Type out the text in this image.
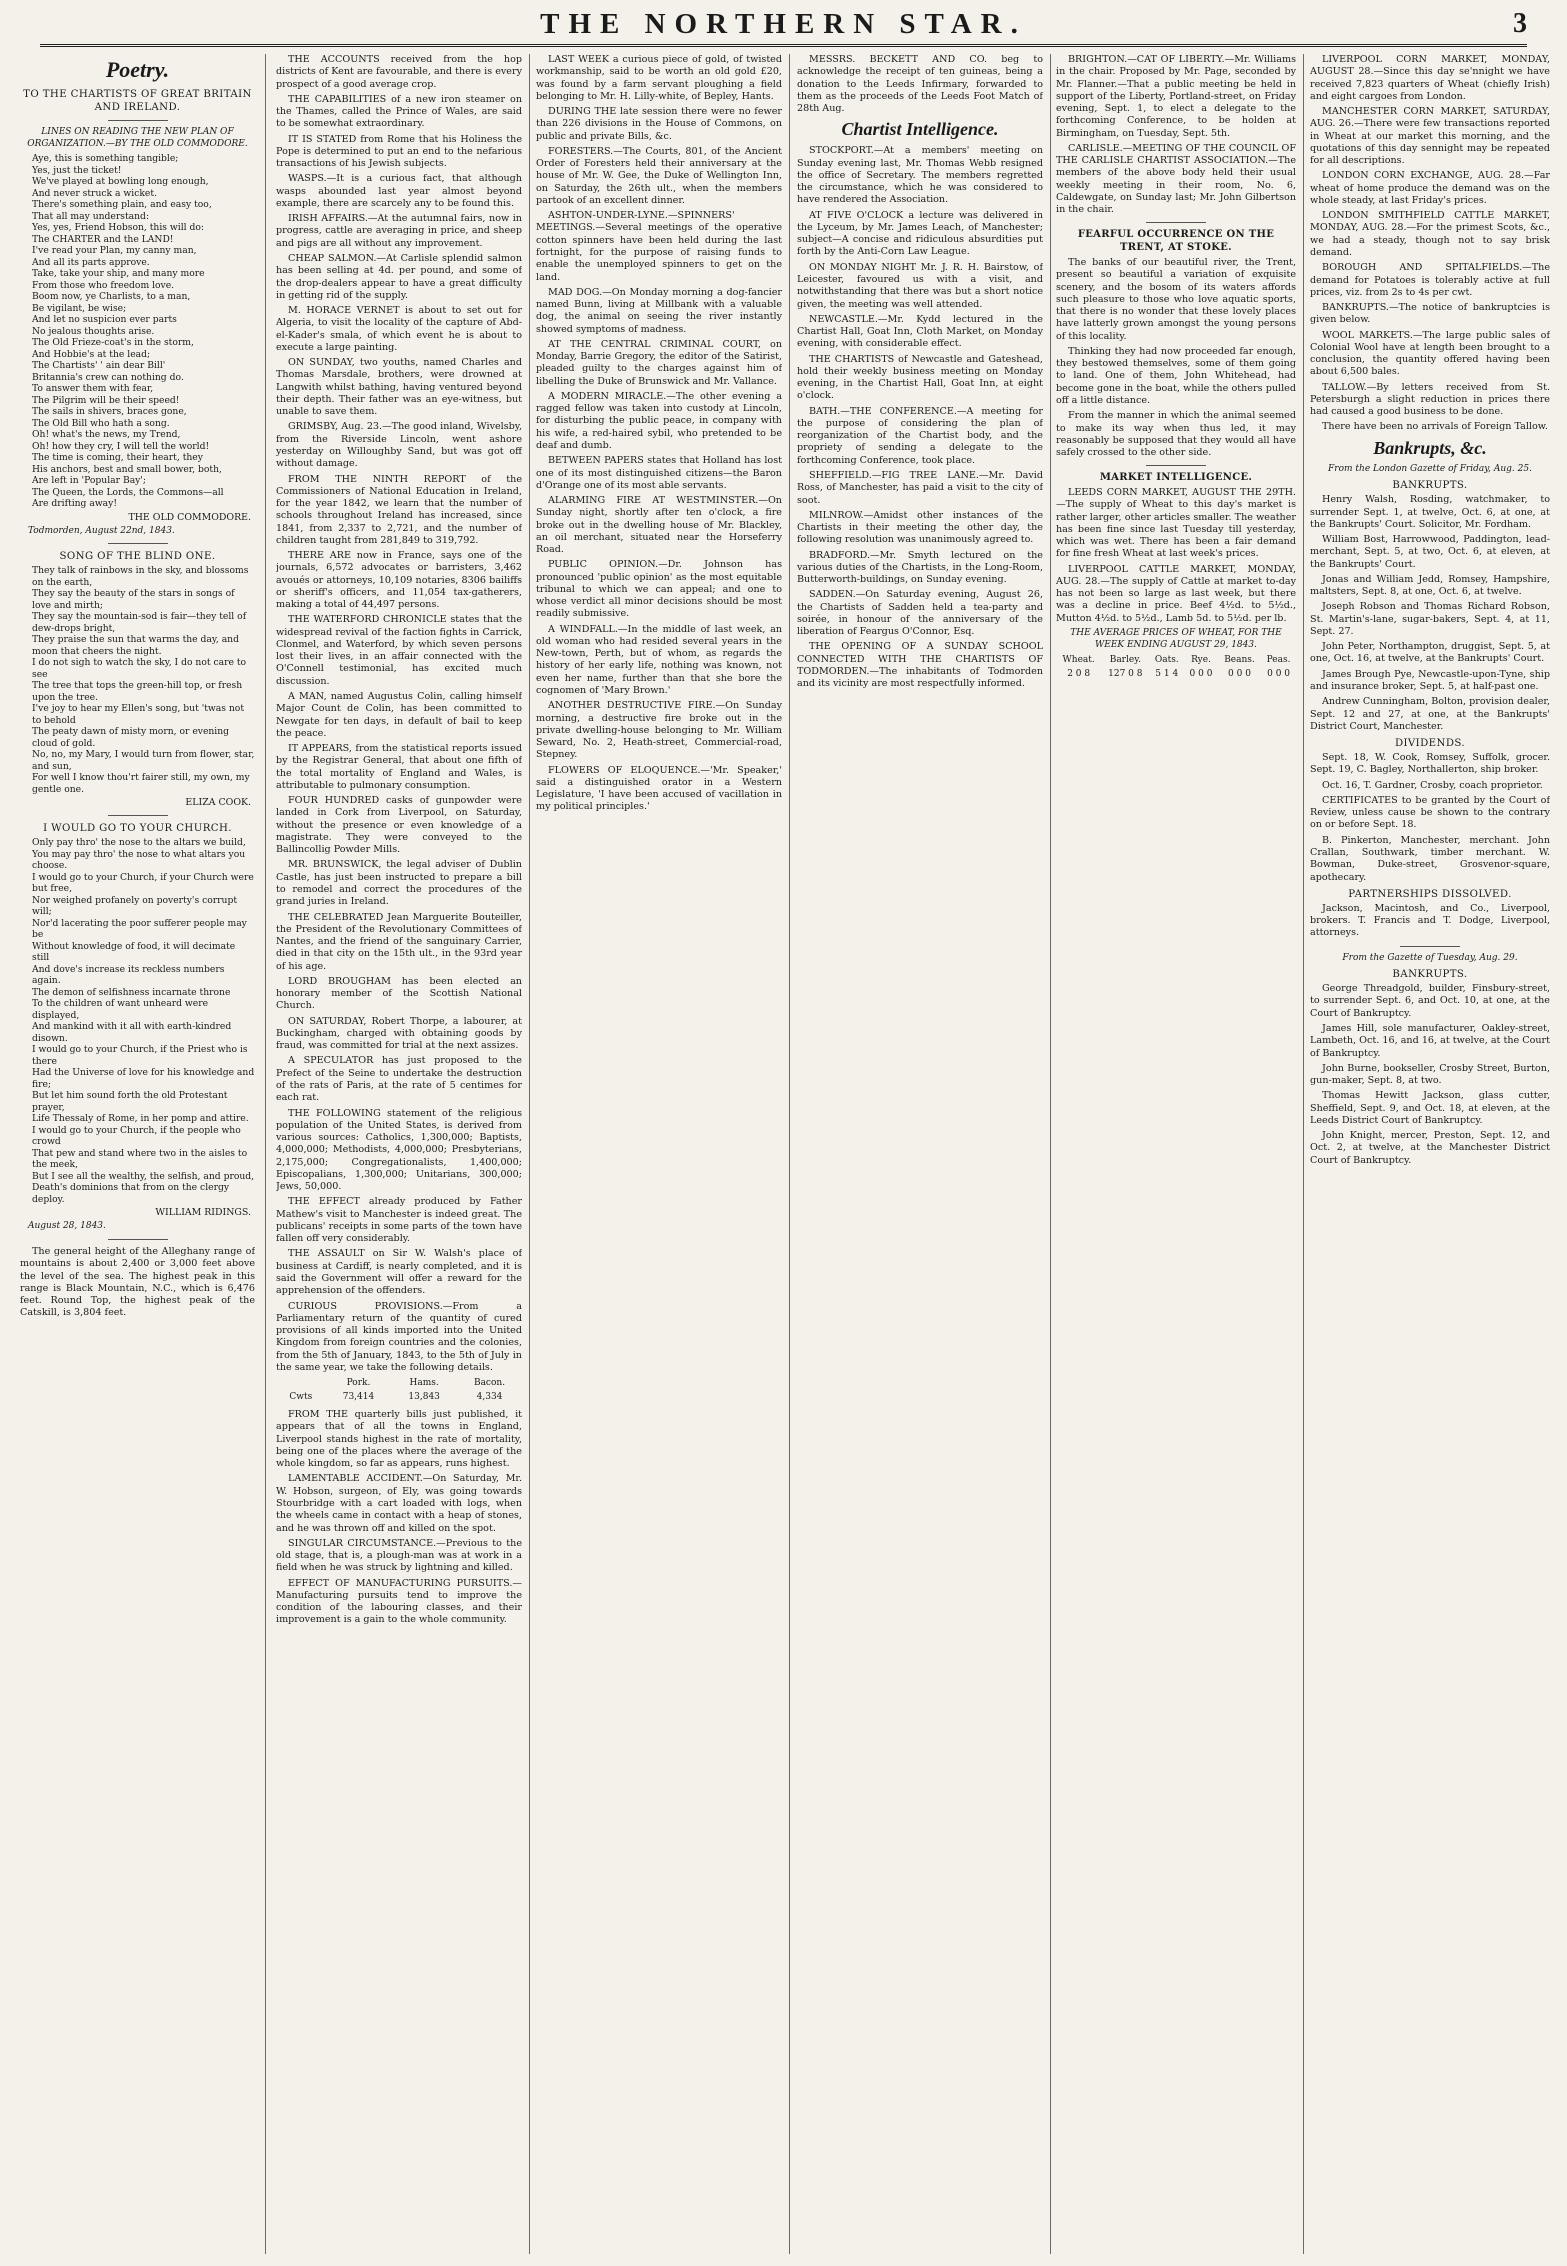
THE NORTHERN STAR.	3
Poetry.
TO THE CHARTISTS OF GREAT BRITAIN AND IRELAND.
LINES ON READING THE NEW PLAN OF ORGANIZATION.—BY THE OLD COMMODORE.
Aye, this is something tangible;
Yes, just the ticket!
We've played at bowling long enough,
And never struck a wicket.
There's something plain, and easy too,
That all may understand:
Yes, yes, Friend Hobson, this will do:
The CHARTER and the LAND!
I've read your Plan, my canny man,
And all its parts approve.
Take, take your ship, and many more
From those who freedom love.
Boom now, ye Charlists, to a man,
Be vigilant, be wise;
And let no suspicion ever parts
No jealous thoughts arise.
The Old Frieze-coat's in the storm,
And Hobbie's at the lead;
The Chartists' ' ain dear Bill'
Britannia's crew can nothing do.
To answer them with fear,
The Pilgrim will be their speed!
The sails in shivers, braces gone,
The Old Bill who hath a song.
Oh! what's the news, my Trend,
Oh! how they cry, I will tell the world!
The time is coming, their heart, they
His anchors, best and small bower, both,
Are left in 'Popular Bay';
The Queen, the Lords, the Commons—all
Are drifting away!
THE OLD COMMODORE.
Todmorden, August 22nd, 1843.
SONG OF THE BLIND ONE.
They talk of rainbows in the sky, and blossoms on the earth,
They say the beauty of the stars in songs of love and mirth;
They say the mountain-sod is fair—they tell of dew-drops bright,
They praise the sun that warms the day, and moon that cheers the night.
I do not sigh to watch the sky, I do not care to see
The tree that tops the green-hill top, or fresh upon the tree.
I've joy to hear my Ellen's song, but 'twas not to behold
The peaty dawn of misty morn, or evening cloud of gold.
No, no, my Mary, I would turn from flower, star, and sun,
For well I know thou'rt fairer still, my own, my gentle one.
ELIZA COOK.
I WOULD GO TO YOUR CHURCH.
Only pay thro' the nose to the altars we build,
You may pay thro' the nose to what altars you choose.
I would go to your Church, if your Church were but free,
Nor weighed profanely on poverty's corrupt will;
Nor'd lacerating the poor sufferer people may be
Without knowledge of food, it will decimate still
And dove's increase its reckless numbers again.
The demon of selfishness incarnate throne
To the children of want unheard were displayed,
And mankind with it all with earth-kindred disown.
I would go to your Church, if the Priest who is there
Had the Universe of love for his knowledge and fire;
But let him sound forth the old Protestant prayer,
Life Thessaly of Rome, in her pomp and attire.
I would go to your Church, if the people who crowd
That pew and stand where two in the aisles to the meek,
But I see all the wealthy, the selfish, and proud,
Death's dominions that from on the clergy deploy.
WILLIAM RIDINGS.
August 28, 1843.

The general height of the Alleghany range of mountains is about 2,400 or 3,000 feet above the level of the sea. The highest peak in this range is Black Mountain, N.C., which is 6,476 feet. Round Top, the highest peak of the Catskill, is 3,804 feet.

THE ACCOUNTS received from the hop districts of Kent are favourable, and there is every prospect of a good average crop.

THE CAPABILITIES of a new iron steamer on the Thames, called the Prince of Wales, are said to be somewhat extraordinary.

IT IS STATED from Rome that his Holiness the Pope is determined to put an end to the nefarious transactions of his Jewish subjects.

WASPS.—It is a curious fact, that although wasps abounded last year almost beyond example, there are scarcely any to be found this.

IRISH AFFAIRS.—At the autumnal fairs, now in progress, cattle are averaging in price, and sheep and pigs are all without any improvement.

CHEAP SALMON.—At Carlisle splendid salmon has been selling at 4d. per pound, and some of the drop-dealers appear to have a great difficulty in getting rid of the supply.

M. HORACE VERNET is about to set out for Algeria, to visit the locality of the capture of Abd-el-Kader's smala, of which event he is about to execute a large painting.

ON SUNDAY, two youths, named Charles and Thomas Marsdale, brothers, were drowned at Langwith whilst bathing, having ventured beyond their depth. Their father was an eye-witness, but unable to save them.

GRIMSBY, Aug. 23.—The good inland, Wivelsby, from the Riverside Lincoln, went ashore yesterday on Willoughby Sand, but was got off without damage.

FROM THE NINTH REPORT of the Commissioners of National Education in Ireland, for the year 1842, we learn that the number of schools throughout Ireland has increased, since 1841, from 2,337 to 2,721, and the number of children taught from 281,849 to 319,792.

THERE ARE now in France, says one of the journals, 6,572 advocates or barristers, 3,462 avoués or attorneys, 10,109 notaries, 8306 bailiffs or sheriff's officers, and 11,054 tax-gatherers, making a total of 44,497 persons.

THE WATERFORD CHRONICLE states that the widespread revival of the faction fights in Carrick, Clonmel, and Waterford, by which seven persons lost their lives, in an affair connected with the O'Connell testimonial, has excited much discussion.

A MAN, named Augustus Colin, calling himself Major Count de Colin, has been committed to Newgate for ten days, in default of bail to keep the peace.

IT APPEARS, from the statistical reports issued by the Registrar General, that about one fifth of the total mortality of England and Wales, is attributable to pulmonary consumption.

FOUR HUNDRED casks of gunpowder were landed in Cork from Liverpool, on Saturday, without the presence or even knowledge of a magistrate. They were conveyed to the Ballincollig Powder Mills.

MR. BRUNSWICK, the legal adviser of Dublin Castle, has just been instructed to prepare a bill to remodel and correct the procedures of the grand juries in Ireland.

THE CELEBRATED Jean Marguerite Bouteiller, the President of the Revolutionary Committees of Nantes, and the friend of the sanguinary Carrier, died in that city on the 15th ult., in the 93rd year of his age.

LORD BROUGHAM has been elected an honorary member of the Scottish National Church.

ON SATURDAY, Robert Thorpe, a labourer, at Buckingham, charged with obtaining goods by fraud, was committed for trial at the next assizes.

A SPECULATOR has just proposed to the Prefect of the Seine to undertake the destruction of the rats of Paris, at the rate of 5 centimes for each rat.

THE FOLLOWING statement of the religious population of the United States, is derived from various sources: Catholics, 1,300,000; Baptists, 4,000,000; Methodists, 4,000,000; Presbyterians, 2,175,000; Congregationalists, 1,400,000; Episcopalians, 1,300,000; Unitarians, 300,000; Jews, 50,000.

THE EFFECT already produced by Father Mathew's visit to Manchester is indeed great. The publicans' receipts in some parts of the town have fallen off very considerably.

THE ASSAULT on Sir W. Walsh's place of business at Cardiff, is nearly completed, and it is said the Government will offer a reward for the apprehension of the offenders.

CURIOUS PROVISIONS.—From a Parliamentary return of the quantity of cured provisions of all kinds imported into the United Kingdom from foreign countries and the colonies, from the 5th of January, 1843, to the 5th of July in the same year, we take the following details.

	Pork.	Hams.	Bacon.
Cwts	73,414	13,843	4,334

FROM THE quarterly bills just published, it appears that of all the towns in England, Liverpool stands highest in the rate of mortality, being one of the places where the average of the whole kingdom, so far as appears, runs highest.

LAMENTABLE ACCIDENT.—On Saturday, Mr. W. Hobson, surgeon, of Ely, was going towards Stourbridge with a cart loaded with logs, when the wheels came in contact with a heap of stones, and he was thrown off and killed on the spot.

SINGULAR CIRCUMSTANCE.—Previous to the old stage, that is, a plough-man was at work in a field when he was struck by lightning and killed.

EFFECT OF MANUFACTURING PURSUITS.—Manufacturing pursuits tend to improve the condition of the labouring classes, and their improvement is a gain to the whole community.

LAST WEEK a curious piece of gold, of twisted workmanship, said to be worth an old gold £20, was found by a farm servant ploughing a field belonging to Mr. H. Lilly-white, of Bepley, Hants.

DURING THE late session there were no fewer than 226 divisions in the House of Commons, on public and private Bills, &c.

FORESTERS.—The Courts, 801, of the Ancient Order of Foresters held their anniversary at the house of Mr. W. Gee, the Duke of Wellington Inn, on Saturday, the 26th ult., when the members partook of an excellent dinner.

ASHTON-UNDER-LYNE.—SPINNERS' MEETINGS.—Several meetings of the operative cotton spinners have been held during the last fortnight, for the purpose of raising funds to enable the unemployed spinners to get on the land.

MAD DOG.—On Monday morning a dog-fancier named Bunn, living at Millbank with a valuable dog, the animal on seeing the river instantly showed symptoms of madness.

AT THE CENTRAL CRIMINAL COURT, on Monday, Barrie Gregory, the editor of the Satirist, pleaded guilty to the charges against him of libelling the Duke of Brunswick and Mr. Vallance.

A MODERN MIRACLE.—The other evening a ragged fellow was taken into custody at Lincoln, for disturbing the public peace, in company with his wife, a red-haired sybil, who pretended to be deaf and dumb.

BETWEEN PAPERS states that Holland has lost one of its most distinguished citizens—the Baron d'Orange one of its most able servants.

ALARMING FIRE AT WESTMINSTER.—On Sunday night, shortly after ten o'clock, a fire broke out in the dwelling house of Mr. Blackley, an oil merchant, situated near the Horseferry Road.

PUBLIC OPINION.—Dr. Johnson has pronounced 'public opinion' as the most equitable tribunal to which we can appeal; and one to whose verdict all minor decisions should be most readily submissive.

A WINDFALL.—In the middle of last week, an old woman who had resided several years in the New-town, Perth, but of whom, as regards the history of her early life, nothing was known, not even her name, further than that she bore the cognomen of 'Mary Brown.'

ANOTHER DESTRUCTIVE FIRE.—On Sunday morning, a destructive fire broke out in the private dwelling-house belonging to Mr. William Seward, No. 2, Heath-street, Commercial-road, Stepney.

FLOWERS OF ELOQUENCE.—'Mr. Speaker,' said a distinguished orator in a Western Legislature, 'I have been accused of vacillation in my political principles.'

MESSRS. BECKETT AND CO. beg to acknowledge the receipt of ten guineas, being a donation to the Leeds Infirmary, forwarded to them as the proceeds of the Leeds Foot Match of 28th Aug.

Chartist Intelligence.

STOCKPORT.—At a members' meeting on Sunday evening last, Mr. Thomas Webb resigned the office of Secretary. The members regretted the circumstance, which he was considered to have rendered the Association.

AT FIVE O'CLOCK a lecture was delivered in the Lyceum, by Mr. James Leach, of Manchester; subject—A concise and ridiculous absurdities put forth by the Anti-Corn Law League.

ON MONDAY NIGHT Mr. J. R. H. Bairstow, of Leicester, favoured us with a visit, and notwithstanding that there was but a short notice given, the meeting was well attended.

NEWCASTLE.—Mr. Kydd lectured in the Chartist Hall, Goat Inn, Cloth Market, on Monday evening, with considerable effect.

THE CHARTISTS of Newcastle and Gateshead, hold their weekly business meeting on Monday evening, in the Chartist Hall, Goat Inn, at eight o'clock.

BATH.—THE CONFERENCE.—A meeting for the purpose of considering the plan of reorganization of the Chartist body, and the propriety of sending a delegate to the forthcoming Conference, took place.

SHEFFIELD.—FIG TREE LANE.—Mr. David Ross, of Manchester, has paid a visit to the city of soot.

MILNROW.—Amidst other instances of the Chartists in their meeting the other day, the following resolution was unanimously agreed to.

BRADFORD.—Mr. Smyth lectured on the various duties of the Chartists, in the Long-Room, Butterworth-buildings, on Sunday evening.

SADDEN.—On Saturday evening, August 26, the Chartists of Sadden held a tea-party and soirée, in honour of the anniversary of the liberation of Feargus O'Connor, Esq.

THE OPENING OF A SUNDAY SCHOOL CONNECTED WITH THE CHARTISTS OF TODMORDEN.—The inhabitants of Todmorden and its vicinity are most respectfully informed.

BRIGHTON.—CAT OF LIBERTY.—Mr. Williams in the chair. Proposed by Mr. Page, seconded by Mr. Flanner.—That a public meeting be held in support of the Liberty, Portland-street, on Friday evening, Sept. 1, to elect a delegate to the forthcoming Conference, to be holden at Birmingham, on Tuesday, Sept. 5th.

CARLISLE.—MEETING OF THE COUNCIL OF THE CARLISLE CHARTIST ASSOCIATION.—The members of the above body held their usual weekly meeting in their room, No. 6, Caldewgate, on Sunday last; Mr. John Gilbertson in the chair.

FEARFUL OCCURRENCE ON THE TRENT, AT STOKE.

The banks of our beautiful river, the Trent, present so beautiful a variation of exquisite scenery, and the bosom of its waters affords such pleasure to those who love aquatic sports, that there is no wonder that these lovely places have latterly grown amongst the young persons of this locality.

Thinking they had now proceeded far enough, they bestowed themselves, some of them going to land. One of them, John Whitehead, had become gone in the boat, while the others pulled off a little distance.

From the manner in which the animal seemed to make its way when thus led, it may reasonably be supposed that they would all have safely crossed to the other side.

MARKET INTELLIGENCE.

LEEDS CORN MARKET, AUGUST THE 29TH.—The supply of Wheat to this day's market is rather larger, other articles smaller. The weather has been fine since last Tuesday till yesterday, which was wet. There has been a fair demand for fine fresh Wheat at last week's prices.

LIVERPOOL CATTLE MARKET, MONDAY, AUG. 28.—The supply of Cattle at market to-day has not been so large as last week, but there was a decline in price. Beef 4½d. to 5½d., Mutton 4½d. to 5½d., Lamb 5d. to 5½d. per lb.

THE AVERAGE PRICES OF WHEAT, FOR THE WEEK ENDING AUGUST 29, 1843.
Wheat.	Barley.	Oats.	Rye.	Beans.	Peas.
2 0 8	127 0 8	5 1 4	0 0 0	0 0 0	0 0 0

LIVERPOOL CORN MARKET, MONDAY, AUGUST 28.—Since this day se'nnight we have received 7,823 quarters of Wheat (chiefly Irish) and eight cargoes from London.

MANCHESTER CORN MARKET, SATURDAY, AUG. 26.—There were few transactions reported in Wheat at our market this morning, and the quotations of this day sennight may be repeated for all descriptions.

LONDON CORN EXCHANGE, AUG. 28.—Far wheat of home produce the demand was on the whole steady, at last Friday's prices.

LONDON SMITHFIELD CATTLE MARKET, MONDAY, AUG. 28.—For the primest Scots, &c., we had a steady, though not to say brisk demand.

BOROUGH AND SPITALFIELDS.—The demand for Potatoes is tolerably active at full prices, viz. from 2s to 4s per cwt.

BANKRUPTS.—The notice of bankruptcies is given below.

WOOL MARKETS.—The large public sales of Colonial Wool have at length been brought to a conclusion, the quantity offered having been about 6,500 bales.

TALLOW.—By letters received from St. Petersburgh a slight reduction in prices there had caused a good business to be done.

There have been no arrivals of Foreign Tallow.

Bankrupts, &c.
From the London Gazette of Friday, Aug. 25.
BANKRUPTS.

Henry Walsh, Rosding, watchmaker, to surrender Sept. 1, at twelve, Oct. 6, at one, at the Bankrupts' Court. Solicitor, Mr. Fordham.

William Bost, Harrowwood, Paddington, lead-merchant, Sept. 5, at two, Oct. 6, at eleven, at the Bankrupts' Court.

Jonas and William Jedd, Romsey, Hampshire, maltsters, Sept. 8, at one, Oct. 6, at twelve.

Joseph Robson and Thomas Richard Robson, St. Martin's-lane, sugar-bakers, Sept. 4, at 11, Sept. 27.

John Peter, Northampton, druggist, Sept. 5, at one, Oct. 16, at twelve, at the Bankrupts' Court.

James Brough Pye, Newcastle-upon-Tyne, ship and insurance broker, Sept. 5, at half-past one.

Andrew Cunningham, Bolton, provision dealer, Sept. 12 and 27, at one, at the Bankrupts' District Court, Manchester.

DIVIDENDS.

Sept. 18, W. Cook, Romsey, Suffolk, grocer. Sept. 19, C. Bagley, Northallerton, ship broker.

Oct. 16, T. Gardner, Crosby, coach proprietor.

CERTIFICATES to be granted by the Court of Review, unless cause be shown to the contrary on or before Sept. 18.

B. Pinkerton, Manchester, merchant. John Crallan, Southwark, timber merchant. W. Bowman, Duke-street, Grosvenor-square, apothecary.

PARTNERSHIPS DISSOLVED.

Jackson, Macintosh, and Co., Liverpool, brokers. T. Francis and T. Dodge, Liverpool, attorneys.

From the Gazette of Tuesday, Aug. 29.
BANKRUPTS.

George Threadgold, builder, Finsbury-street, to surrender Sept. 6, and Oct. 10, at one, at the Court of Bankruptcy.

James Hill, sole manufacturer, Oakley-street, Lambeth, Oct. 16, and 16, at twelve, at the Court of Bankruptcy.

John Burne, bookseller, Crosby Street, Burton, gun-maker, Sept. 8, at two.

Thomas Hewitt Jackson, glass cutter, Sheffield, Sept. 9, and Oct. 18, at eleven, at the Leeds District Court of Bankruptcy.

John Knight, mercer, Preston, Sept. 12, and Oct. 2, at twelve, at the Manchester District Court of Bankruptcy.
